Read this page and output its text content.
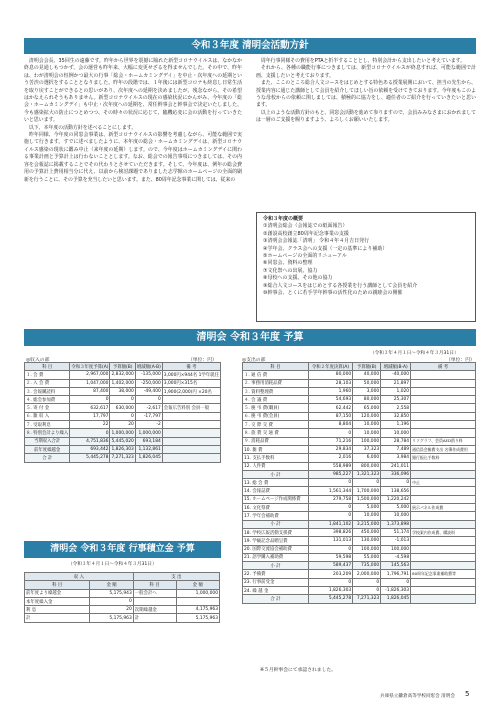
令和３年度 清明会活動方針

清明会会長、35回生の遠藤です。昨年から世界を震撼に陥れた新型コロナウイルスは、なかなか終息の見通しもつかず、会の運営も昨年来、大幅に変更せざるを得ませんでした。その中で、昨年は、わが清明会の恒例かつ最大の行事「総会・ホームカミングデイ」を中止・次年度への延期という苦渋の選択をすることとなりました。昨年の段階では、１年後には新型コロナも終息し日常生活を取り戻すことができるとの思いがあり、次年度への延期を決めましたが、残念ながら、その希望はかなえられそうもありません。新型コロナウイルスの現在の感染状況にかんがみ、今年度の「総会・ホームカミングデイ」も中止・次年度への延期を、常任幹事会と幹事会で決定いたしました。今も感染拡大の防止につとめつつ、その時々の状況に応じて、臨機応変に会の活動を行っていきたいと思います。

以下、本年度の活動方針を述べることにします。

昨年同様、今年度の同窓会事業は、新型コロナウイルスの影響を考慮しながら、可能な範囲で実施して行きます。すでに述べましたように、本年度の総会・ホームカミングデイは、新型コロナウイルス感染の現状に鑑み中止（来年度の延期）します。ので、今年度はホームカミングデイに関わる事業計画と予算計上は行わないこととします。なお、総会での報告事項につきましては、その内容を会報誌に掲載することでその代わりとさせていただきます。そして、今年度は、例年の総会費用の予算計上費用相当分に代え、以前から検討課題でありました志学館のホームページの全面的刷新を行うことに、その予算を充当したいと思います。また、80周年記念事業に関しては、従来の

周年行事同様その費用をPTAと折半することとし、特別会計から支出したいと考えています。

それから、各種の職能行事につきましては、新型コロナウイルスが終息すれば、可能な範囲で計画、支援したいと考えております。

また、ここのところ総合人文コースをはじめとする特色ある授業展開において、担当の先生から、授業内容に通じた講師として会員を紹介してほしい旨の依頼を受けてきております。今年度もこのような母校からの依頼に関しましては、積極的に協力をし、適任者のご紹介を行っていきたいと思います。

以上のような活動方針のもと、同窓会活動を進めて参りますので、会員みみなさまにおかれましては一層のご支援を賜りますよう、よろしくお願いいたします。

令和３年度の概要
①清明会総会（会報誌での紙面報告）
②創設高校創立80周年記念事業の支援
③清明会会報誌「清明」 令和４年４月吉日発行
④学年会、クラス会への支援（一定の基準により補助）
⑤ホームページの全面的リニューアル
⑥同窓会、資料の整理
⑦文化祭への出展、協力
⑧母校への支援、その他の協力
⑨総合人文コースをはじめとする各授業を行う講師として会員を紹介
⑩幹事会、とくに若手学年幹事の活性化のための親睦会の開催
清明会 令和３年度 予算
（令和３年４月１日〜令和４年３月31日）
◎収入の部	（単位：円）	◎支出の部	（単位：円）
科 目	令和３年度予算(A)	予算額(B)	増減額(A-B)	備 考
１. 会 費	2,967,000	2,832,000	-135,000	3,000円×944名 1学年就任
２. 入 会 費	1,047,000	1,402,000	-250,000	3,000円×315名
３. 会報購読料	87,400	38,000	-49,400	1,900(2,000)円 ×20名
４. 総会参加費	0	0	0	
５. 寄 付 金	632,617	630,000	-2,617	会報広告料別 会員一般
６. 雑 収 入	17,797	0	-17,797	
７. 受取利息	22	20	-2	
８. 特別会計より繰入	0	1,000,000	1,000,000	
当期収入合計	4,751,836	5,445,020	693,184	
前年度繰越金	693,442	1,826,303	1,132,861	
合 計	5,445,278	7,271,323	1,826,045	
科 目	令和２年度決算(A)	予算額(B)	増減額(B-A)	備 考
１. 通 信 費	80,000	40,000	-40,000	
２. 事務用消耗品費	28,103	50,000	21,897	
３. 資料整理費	1,960	3,000	1,020	
４. 会 議 費	54,693	80,000	25,307	
５. 慶 弔 費(職員)	62,442	65,000	2,558	
６. 慶 弔 費(会員)	87,150	120,000	32,850	
７. 交 際 交 費	8,804	10,000	1,196	
８. 旅 費 交 通 費	0	10,000	10,000	
９. 消耗品費	71,216	100,000	28,784	リソグラフ、会員AED借り料
10. 雑 費	29,834	37,323	7,489	通信員会雑費支出 名簿作成費用
11. 支払手数料	2,016	6,000	3,984	銀行振込手数料
12. 人件費	558,989	800,000	241,011	
小 計	985,227	1,321,323	336,096	
13. 総 会 費	0	0	0	中止
14. 会報誌費	1,561,344	1,700,000	138,656	
15. ホームページ作成関係費	279,758	1,500,000	1,220,242	
16. 文化祭費	0	5,000	5,000	展示パネル作成費
17. 学年会補助費	0	10,000	10,000	
小 計	1,841,102	3,215,000	1,373,898	
18. 学校広報活動支援費	398,826	450,000	51,174	学校案内作成費、購読料
19. 学級記念品贈呈費	131,013	130,000	-1,013	
20. 国際交流協会補助費	0	100,000	100,000	
21. 語学購入補助費	59,598	55,000	-4,598	
小 計	589,437	735,000	145,563	
22. 予備費	203,209	2,000,000	1,796,791	80周年記念事業補助費等
23. 行事前受金	0	0	0	
24. 繰 越 金	1,826,303	0	-1,826,303	
合 計	5,445,278	7,271,323	1,826,045	
清明会 令和３年度 行事積立金 予算
（令和３年４月１日〜令和４年３月31日）
収 入		支 出	
科 目	金 額	科 目	金 額
前年度より繰越金	5,175,943	一般会計へ	1,000,000
本年度繰入金	0		
利 息	20	次期繰越金	4,175,963
計	5,175,963	計	5,175,963
※５月幹事会にて承認されました。
兵庫県立鎌倉高等学校同窓会 清明会 5
